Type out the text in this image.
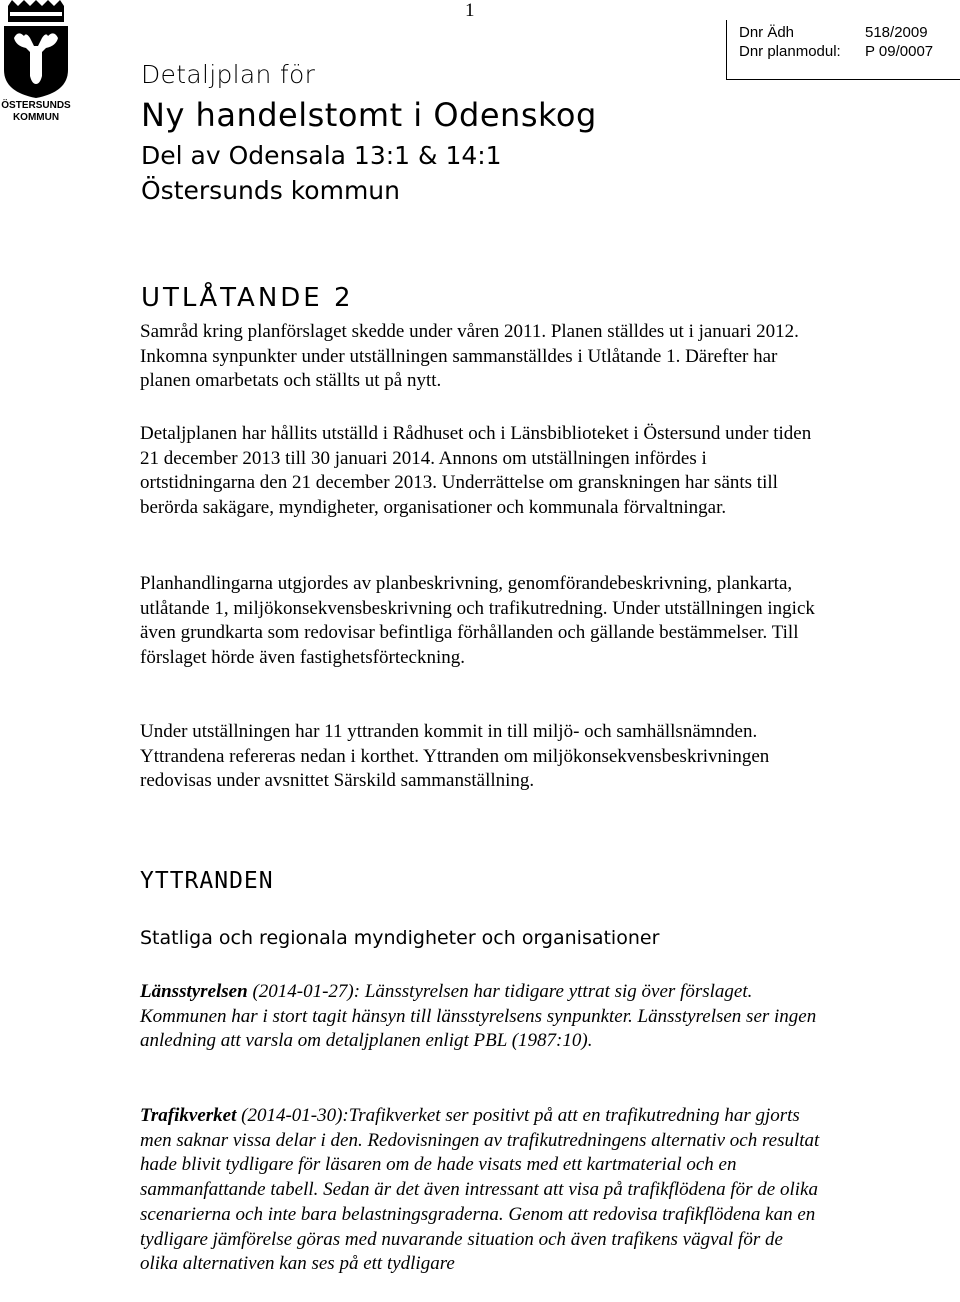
ÖSTERSUNDS
KOMMUN
1
Dnr Ädh	518/2009
Dnr planmodul:	P 09/0007
Detaljplan för
Ny handelstomt i Odenskog
Del av Odensala 13:1 & 14:1
Östersunds kommun
UTLÅTANDE 2

Samråd kring planförslaget skedde under våren 2011. Planen ställdes ut i januari 2012. Inkomna synpunkter under utställningen sammanställdes i Utlåtande 1. Därefter har planen omarbetats och ställts ut på nytt.

Detaljplanen har hållits utställd i Rådhuset och i Länsbiblioteket i Östersund under tiden 21 december 2013 till 30 januari 2014. Annons om utställningen infördes i ortstidningarna den 21 december 2013. Underrättelse om granskningen har sänts till berörda sakägare, myndigheter, organisationer och kommunala förvaltningar.

Planhandlingarna utgjordes av planbeskrivning, genomförandebeskrivning, plankarta, utlåtande 1, miljökonsekvensbeskrivning och trafikutredning. Under utställningen ingick även grundkarta som redovisar befintliga förhållanden och gällande bestämmelser. Till förslaget hörde även fastighetsförteckning.

Under utställningen har 11 yttranden kommit in till miljö- och samhällsnämnden. Yttrandena refereras nedan i korthet. Yttranden om miljökonsekvensbeskrivningen redovisas under avsnittet Särskild sammanställning.

YTTRANDEN
Statliga och regionala myndigheter och organisationer

Länsstyrelsen (2014-01-27): Länsstyrelsen har tidigare yttrat sig över förslaget. Kommunen har i stort tagit hänsyn till länsstyrelsens synpunkter. Länsstyrelsen ser ingen anledning att varsla om detaljplanen enligt PBL (1987:10).

Trafikverket (2014-01-30):Trafikverket ser positivt på att en trafikutredning har gjorts men saknar vissa delar i den. Redovisningen av trafikutredningens alternativ och resultat hade blivit tydligare för läsaren om de hade visats med ett kartmaterial och en sammanfattande tabell. Sedan är det även intressant att visa på trafikflödena för de olika scenarierna och inte bara belastningsgraderna. Genom att redovisa trafikflödena kan en tydligare jämförelse göras med nuvarande situation och även trafikens vägval för de olika alternativen kan ses på ett tydligare
